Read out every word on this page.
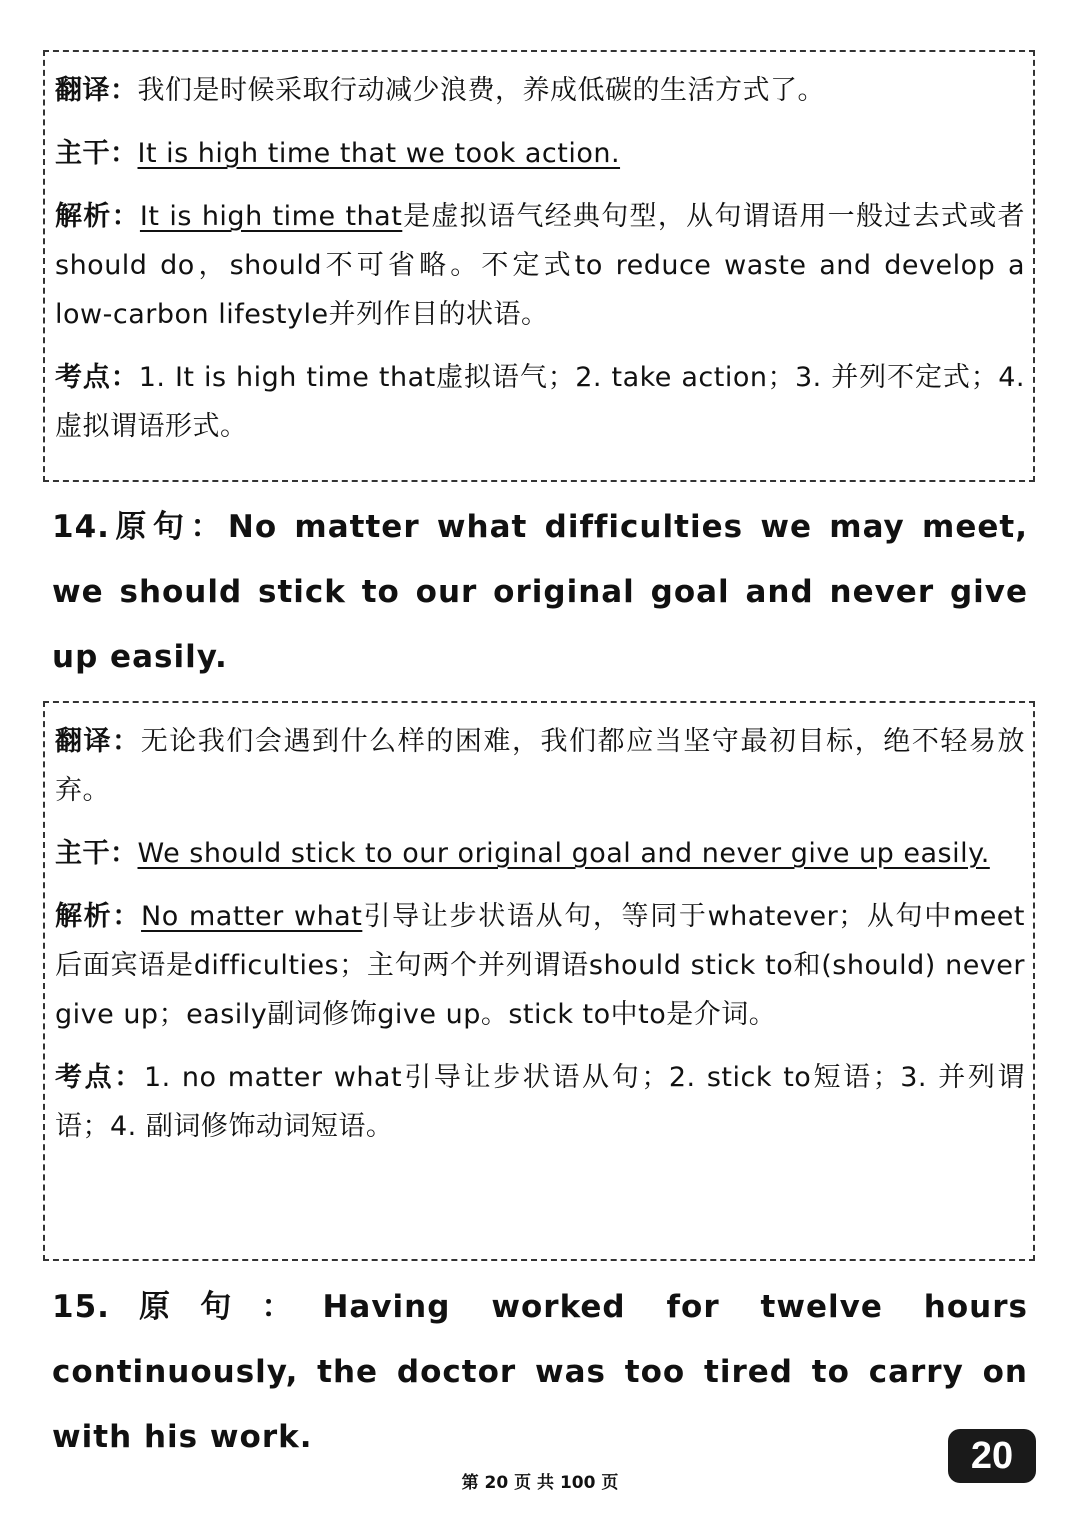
翻译：我们是时候采取行动减少浪费，养成低碳的生活方式了。

主干：It is high time that we took action.

解析：It is high time that是虚拟语气经典句型，从句谓语用一般过去式或者should do，should不可省略。不定式to reduce waste and develop a low-carbon lifestyle并列作目的状语。

考点：1. It is high time that虚拟语气；2. take action；3. 并列不定式；4. 虚拟谓语形式。

14.原句：No matter what difficulties we may meet, we should stick to our original goal and never give up easily.

翻译：无论我们会遇到什么样的困难，我们都应当坚守最初目标，绝不轻易放弃。

主干：We should stick to our original goal and never give up easily.

解析：No matter what引导让步状语从句，等同于whatever；从句中meet后面宾语是difficulties；主句两个并列谓语should stick to和(should) never give up；easily副词修饰give up。stick to中to是介词。

考点：1. no matter what引导让步状语从句；2. stick to短语；3. 并列谓语；4. 副词修饰动词短语。

15.原句：Having worked for twelve hours continuously, the doctor was too tired to carry on with his work.	20
第 20 页 共 100 页
